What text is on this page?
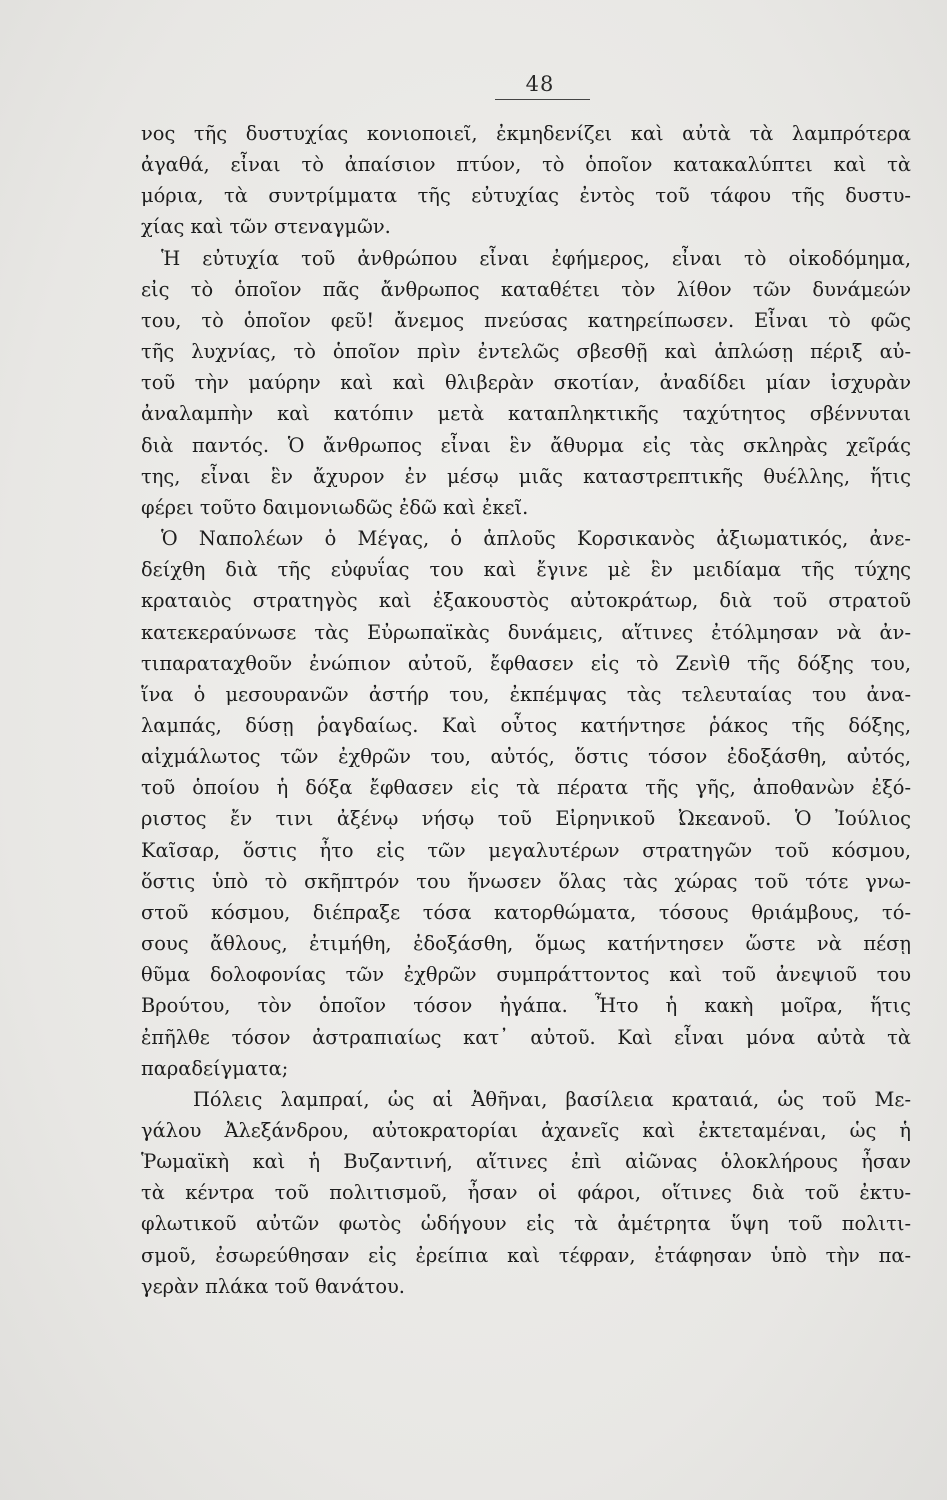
48
νος τῆς δυστυχίας κονιοποιεῖ, ἐκμηδενίζει καὶ αὐτὰ τὰ λαμπρότερα
ἀγαθά, εἶναι τὸ ἀπαίσιον πτύον, τὸ ὁποῖον κατακαλύπτει καὶ τὰ
μόρια, τὰ συντρίμματα τῆς εὐτυχίας ἐντὸς τοῦ τάφου τῆς δυστυ-
χίας καὶ τῶν στεναγμῶν.
Ἡ εὐτυχία τοῦ ἀνθρώπου εἶναι ἐφήμερος, εἶναι τὸ οἰκοδόμημα,
εἰς τὸ ὁποῖον πᾶς ἄνθρωπος καταθέτει τὸν λίθον τῶν δυνάμεών
του, τὸ ὁποῖον φεῦ! ἄνεμος πνεύσας κατηρείπωσεν. Εἶναι τὸ φῶς
τῆς λυχνίας, τὸ ὁποῖον πρὶν ἐντελῶς σβεσθῇ καὶ ἁπλώσῃ πέριξ αὐ-
τοῦ τὴν μαύρην καὶ καὶ θλιβερὰν σκοτίαν, ἀναδίδει μίαν ἰσχυρὰν
ἀναλαμπὴν καὶ κατόπιν μετὰ καταπληκτικῆς ταχύτητος σβέννυται
διὰ παντός. Ὁ ἄνθρωπος εἶναι ἓν ἄθυρμα εἰς τὰς σκληρὰς χεῖράς
της, εἶναι ἓν ἄχυρον ἐν μέσῳ μιᾶς καταστρεπτικῆς θυέλλης, ἥτις
φέρει τοῦτο δαιμονιωδῶς ἐδῶ καὶ ἐκεῖ.
Ὁ Ναπολέων ὁ Μέγας, ὁ ἁπλοῦς Κορσικανὸς ἀξιωματικός, ἀνε-
δείχθη διὰ τῆς εὐφυΐας του καὶ ἔγινε μὲ ἓν μειδίαμα τῆς τύχης
κραταιὸς στρατηγὸς καὶ ἐξακουστὸς αὐτοκράτωρ, διὰ τοῦ στρατοῦ
κατεκεραύνωσε τὰς Εὐρωπαϊκὰς δυνάμεις, αἵτινες ἐτόλμησαν νὰ ἀν-
τιπαραταχθοῦν ἐνώπιον αὐτοῦ, ἔφθασεν εἰς τὸ Ζενὶθ τῆς δόξης του,
ἵνα ὁ μεσουρανῶν ἀστήρ του, ἐκπέμψας τὰς τελευταίας του ἀνα-
λαμπάς, δύσῃ ῥαγδαίως. Καὶ οὗτος κατήντησε ῥάκος τῆς δόξης,
αἰχμάλωτος τῶν ἐχθρῶν του, αὐτός, ὅστις τόσον ἐδοξάσθη, αὐτός,
τοῦ ὁποίου ἡ δόξα ἔφθασεν εἰς τὰ πέρατα τῆς γῆς, ἀποθανὼν ἐξό-
ριστος ἔν τινι ἀξένῳ νήσῳ τοῦ Εἰρηνικοῦ Ὠκεανοῦ. Ὁ Ἰούλιος
Καῖσαρ, ὅστις ἦτο εἰς τῶν μεγαλυτέρων στρατηγῶν τοῦ κόσμου,
ὅστις ὑπὸ τὸ σκῆπτρόν του ἥνωσεν ὅλας τὰς χώρας τοῦ τότε γνω-
στοῦ κόσμου, διέπραξε τόσα κατορθώματα, τόσους θριάμβους, τό-
σους ἄθλους, ἐτιμήθη, ἐδοξάσθη, ὅμως κατήντησεν ὥστε νὰ πέσῃ
θῦμα δολοφονίας τῶν ἐχθρῶν συμπράττοντος καὶ τοῦ ἀνεψιοῦ του
Βρούτου, τὸν ὁποῖον τόσον ἠγάπα. Ἦτο ἡ κακὴ μοῖρα, ἥτις
ἐπῆλθε τόσον ἀστραπιαίως κατ᾽ αὐτοῦ. Καὶ εἶναι μόνα αὐτὰ τὰ
παραδείγματα;
Πόλεις λαμπραί, ὡς αἱ Ἀθῆναι, βασίλεια κραταιά, ὡς τοῦ Με-
γάλου Ἀλεξάνδρου, αὐτοκρατορίαι ἀχανεῖς καὶ ἐκτεταμέναι, ὡς ἡ
Ῥωμαϊκὴ καὶ ἡ Βυζαντινή, αἵτινες ἐπὶ αἰῶνας ὁλοκλήρους ἦσαν
τὰ κέντρα τοῦ πολιτισμοῦ, ἦσαν οἱ φάροι, οἵτινες διὰ τοῦ ἐκτυ-
φλωτικοῦ αὐτῶν φωτὸς ὡδήγουν εἰς τὰ ἀμέτρητα ὕψη τοῦ πολιτι-
σμοῦ, ἐσωρεύθησαν εἰς ἐρείπια καὶ τέφραν, ἐτάφησαν ὑπὸ τὴν πα-
γερὰν πλάκα τοῦ θανάτου.
